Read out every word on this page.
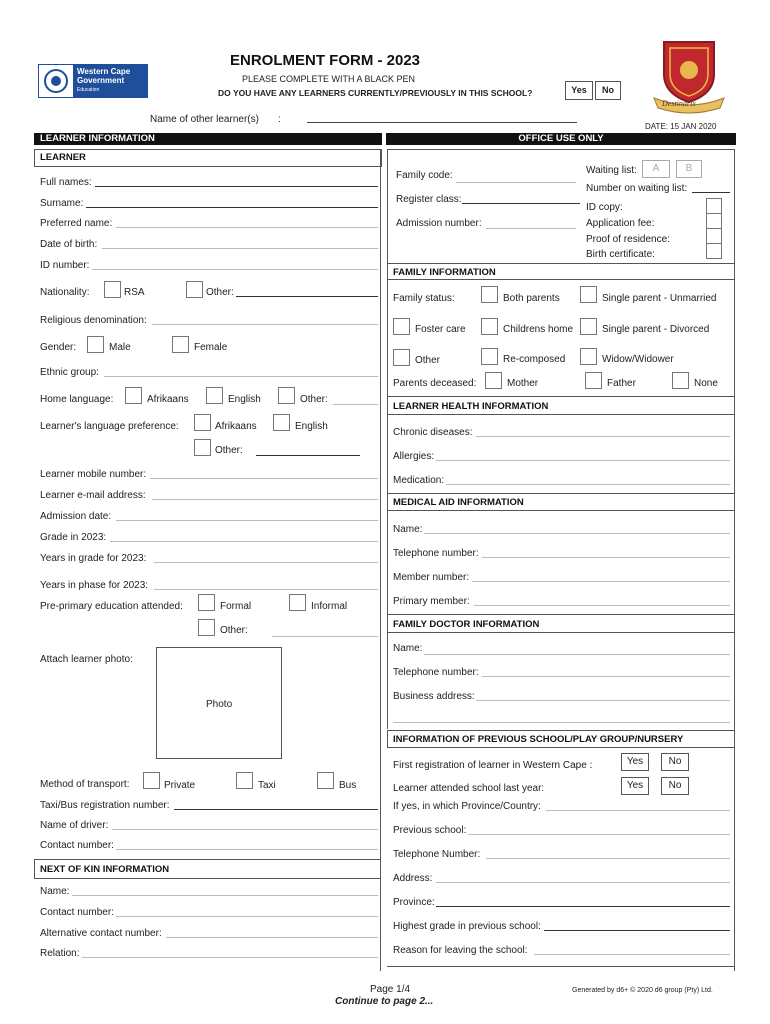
Western Cape
Government
Education
ENROLMENT FORM - 2023
PLEASE COMPLETE WITH A BLACK PEN
DO YOU HAVE ANY LEARNERS CURRENTLY/PREVIOUSLY IN THIS SCHOOL?	Yes	No
Destinarix
Name of other learner(s) :
DATE: 15 JAN 2020
LEARNER INFORMATION	OFFICE USE ONLY
LEARNER
Full names:
Surname:
Preferred name:
Date of birth:
ID number:
Nationality:	RSA	Other:
Religious denomination:
Gender:	Male	Female
Ethnic group:
Home language:	Afrikaans	English	Other:
Learner's language preference:	Afrikaans	English
Other:
Learner mobile number:
Learner e-mail address:
Admission date:
Grade in 2023:
Years in grade for 2023:
Years in phase for 2023:
Pre-primary education attended:	Formal	Informal
Other:
Attach learner photo:
Photo
Method of transport:	Private	Taxi	Bus
Taxi/Bus registration number:
Name of driver:
Contact number:
NEXT OF KIN INFORMATION
Name:
Contact number:
Alternative contact number:
Relation:
Family code:
Register class:
Admission number:
Waiting list:	A	B
Number on waiting list:
ID copy:
Application fee:
Proof of residence:
Birth certificate:
FAMILY INFORMATION
Family status:	Both parents	Single parent - Unmarried
Foster care	Childrens home	Single parent - Divorced
Other	Re-composed	Widow/Widower
Parents deceased:	Mother	Father	None
LEARNER HEALTH INFORMATION
Chronic diseases:
Allergies:
Medication:
MEDICAL AID INFORMATION
Name:
Telephone number:
Member number:
Primary member:
FAMILY DOCTOR INFORMATION
Name:
Telephone number:
Business address:
INFORMATION OF PREVIOUS SCHOOL/PLAY GROUP/NURSERY
First registration of learner in Western Cape :	Yes	No
Learner attended school last year:	Yes	No
If yes, in which Province/Country:
Previous school:
Telephone Number:
Address:
Province:
Highest grade in previous school:
Reason for leaving the school:
Page 1/4
Continue to page 2...
Generated by d6+ © 2020 d6 group (Pty) Ltd.
